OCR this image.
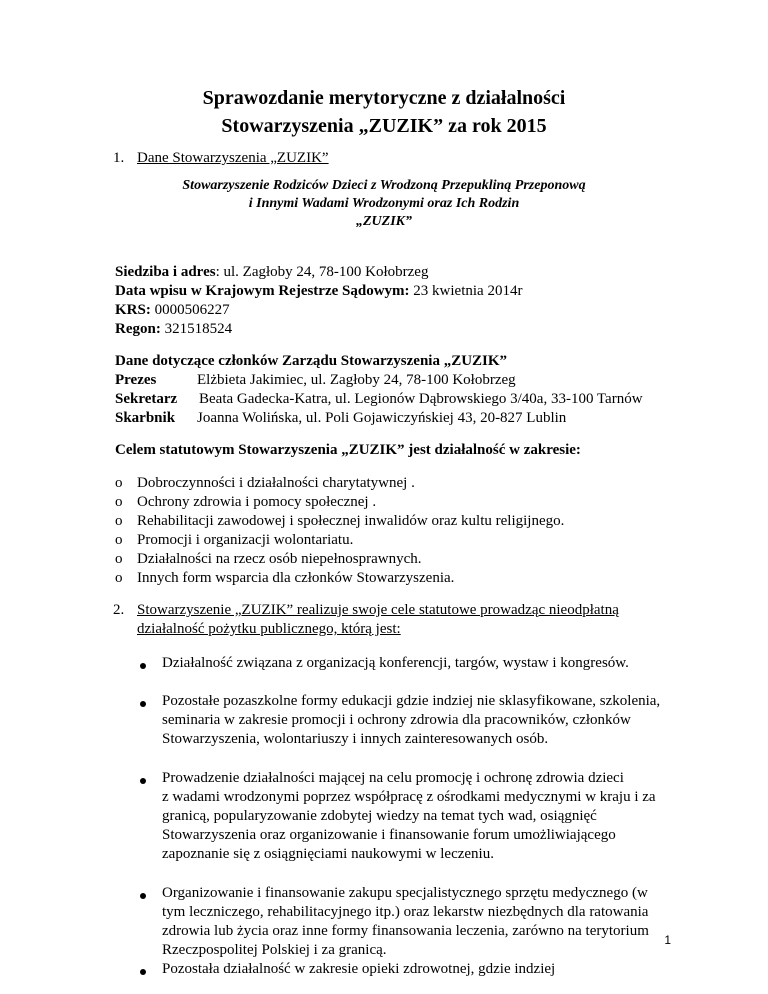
Sprawozdanie merytoryczne z działalności
Stowarzyszenia „ZUZIK” za rok 2015
1. Dane Stowarzyszenia „ZUZIK”
Stowarzyszenie Rodziców Dzieci z Wrodzoną Przepukliną Przeponową
i Innymi Wadami Wrodzonymi oraz Ich Rodzin
„ZUZIK”
Siedziba i adres: ul. Zagłoby 24, 78-100 Kołobrzeg
Data wpisu w Krajowym Rejestrze Sądowym: 23 kwietnia 2014r
KRS: 0000506227
Regon: 321518524
Dane dotyczące członków Zarządu Stowarzyszenia „ZUZIK”
Prezes	Elżbieta Jakimiec, ul. Zagłoby 24, 78-100 Kołobrzeg
Sekretarz Beata Gadecka-Katra, ul. Legionów Dąbrowskiego 3/40a, 33-100 Tarnów
Skarbnik Joanna Wolińska, ul. Poli Gojawiczyńskiej 43, 20-827 Lublin
Celem statutowym Stowarzyszenia „ZUZIK” jest działalność w zakresie:
o Dobroczynności i działalności charytatywnej .
o Ochrony zdrowia i pomocy społecznej .
o Rehabilitacji zawodowej i społecznej inwalidów oraz kultu religijnego.
o Promocji i organizacji wolontariatu.
o Działalności na rzecz osób niepełnosprawnych.
o Innych form wsparcia dla członków Stowarzyszenia.
2. Stowarzyszenie „ZUZIK” realizuje swoje cele statutowe prowadząc nieodpłatną
działalność pożytku publicznego, którą jest:
Działalność związana z organizacją konferencji, targów, wystaw i kongresów.
Pozostałe pozaszkolne formy edukacji gdzie indziej nie sklasyfikowane, szkolenia,
seminaria w zakresie promocji i ochrony zdrowia dla pracowników, członków
Stowarzyszenia, wolontariuszy i innych zainteresowanych osób.
Prowadzenie działalności mającej na celu promocję i ochronę zdrowia dzieci
z wadami wrodzonymi poprzez współpracę z ośrodkami medycznymi w kraju i za
granicą, popularyzowanie zdobytej wiedzy na temat tych wad, osiągnięć
Stowarzyszenia oraz organizowanie i finansowanie forum umożliwiającego
zapoznanie się z osiągnięciami naukowymi w leczeniu.
Organizowanie i finansowanie zakupu specjalistycznego sprzętu medycznego (w
tym leczniczego, rehabilitacyjnego itp.) oraz lekarstw niezbędnych dla ratowania
zdrowia lub życia oraz inne formy finansowania leczenia, zarówno na terytorium
Rzeczpospolitej Polskiej i za granicą.
Pozostała działalność w zakresie opieki zdrowotnej, gdzie indziej
1
